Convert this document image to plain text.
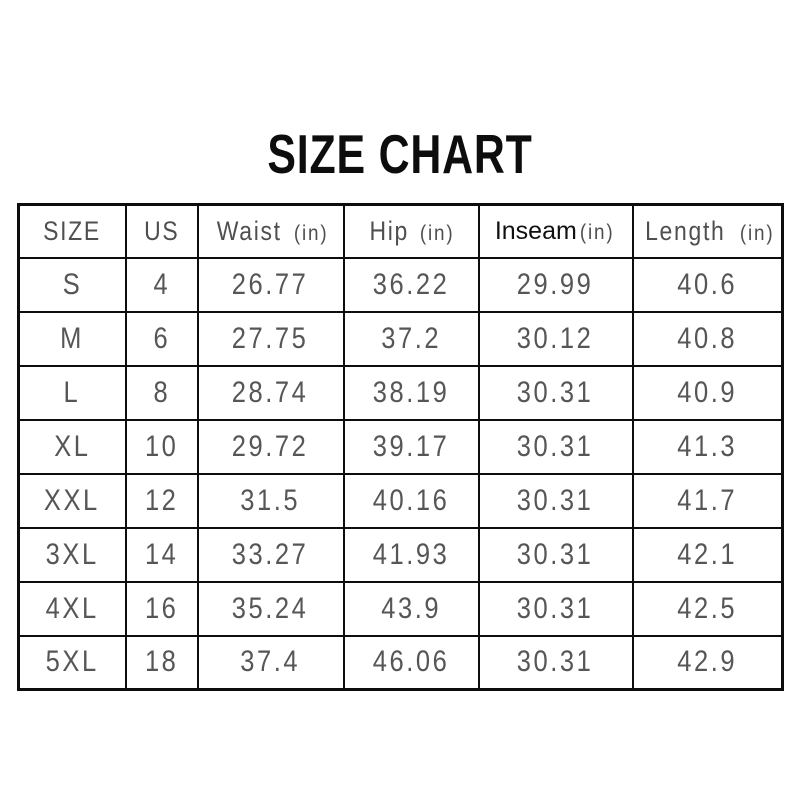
SIZE CHART
SIZE	US	Waist (in)	Hip (in)	Inseam (in)	Length (in)
S	4	26.77	36.22	29.99	40.6
M	6	27.75	37.2	30.12	40.8
L	8	28.74	38.19	30.31	40.9
XL	10	29.72	39.17	30.31	41.3
XXL	12	31.5	40.16	30.31	41.7
3XL	14	33.27	41.93	30.31	42.1
4XL	16	35.24	43.9	30.31	42.5
5XL	18	37.4	46.06	30.31	42.9
